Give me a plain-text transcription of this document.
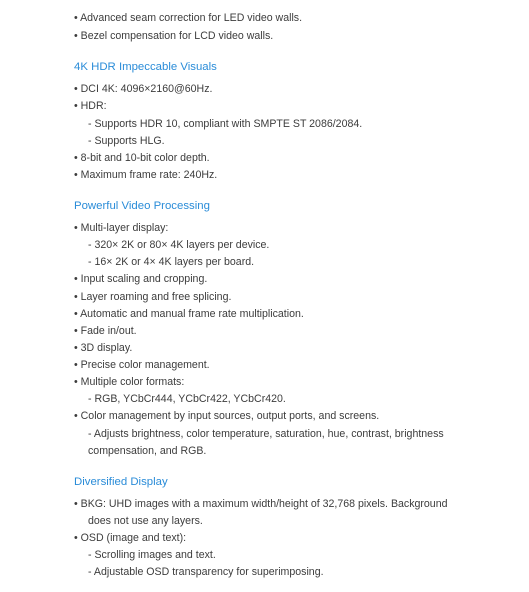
• Advanced seam correction for LED video walls.
• Bezel compensation for LCD video walls.
4K HDR Impeccable Visuals
• DCI 4K: 4096×2160@60Hz.
• HDR:
- Supports HDR 10, compliant with SMPTE ST 2086/2084.
- Supports HLG.
• 8-bit and 10-bit color depth.
• Maximum frame rate: 240Hz.
Powerful Video Processing
• Multi-layer display:
- 320× 2K or 80× 4K layers per device.
- 16× 2K or 4× 4K layers per board.
• Input scaling and cropping.
• Layer roaming and free splicing.
• Automatic and manual frame rate multiplication.
• Fade in/out.
• 3D display.
• Precise color management.
• Multiple color formats:
- RGB, YCbCr444, YCbCr422, YCbCr420.
• Color management by input sources, output ports, and screens.
- Adjusts brightness, color temperature, saturation, hue, contrast, brightness
compensation, and RGB.
Diversified Display
• BKG: UHD images with a maximum width/height of 32,768 pixels. Background
does not use any layers.
• OSD (image and text):
- Scrolling images and text.
- Adjustable OSD transparency for superimposing.
